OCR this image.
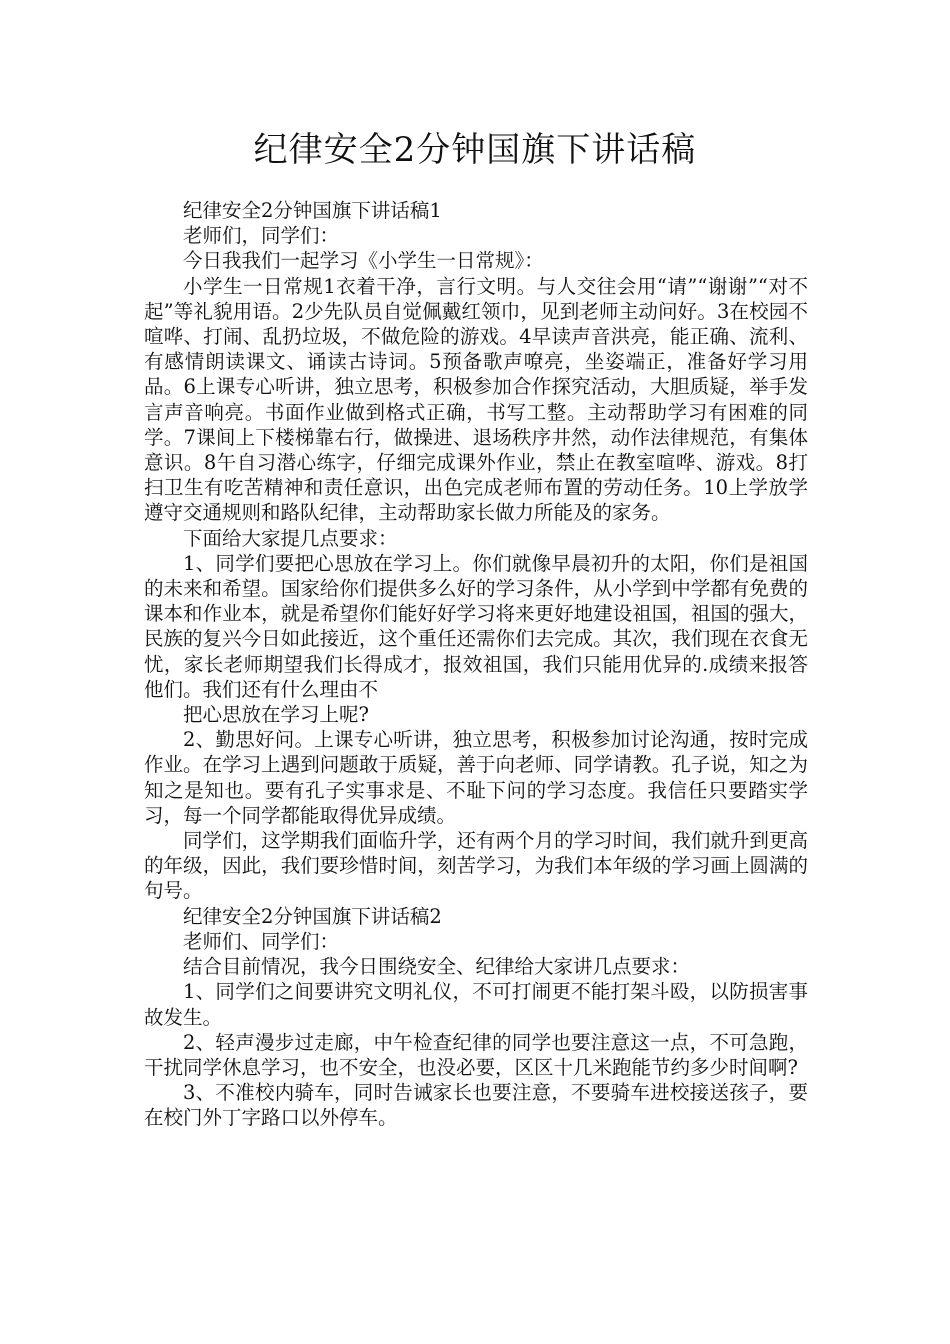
纪律安全2分钟国旗下讲话稿

纪律安全2分钟国旗下讲话稿1

老师们，同学们：

今日我我们一起学习《小学生一日常规》：

小学生一日常规1衣着干净，言行文明。与人交往会用“请”“谢谢”“对不起”等礼貌用语。2少先队员自觉佩戴红领巾，见到老师主动问好。3在校园不喧哗、打闹、乱扔垃圾，不做危险的游戏。4早读声音洪亮，能正确、流利、有感情朗读课文、诵读古诗词。5预备歌声嘹亮，坐姿端正，准备好学习用品。6上课专心听讲，独立思考，积极参加合作探究活动，大胆质疑，举手发言声音响亮。书面作业做到格式正确，书写工整。主动帮助学习有困难的同学。7课间上下楼梯靠右行，做操进、退场秩序井然，动作法律规范，有集体意识。8午自习潜心练字，仔细完成课外作业，禁止在教室喧哗、游戏。8打扫卫生有吃苦精神和责任意识，出色完成老师布置的劳动任务。10上学放学遵守交通规则和路队纪律，主动帮助家长做力所能及的家务。

下面给大家提几点要求：

1、同学们要把心思放在学习上。你们就像早晨初升的太阳，你们是祖国的未来和希望。国家给你们提供多么好的学习条件，从小学到中学都有免费的课本和作业本，就是希望你们能好好学习将来更好地建设祖国，祖国的强大，民族的复兴今日如此接近，这个重任还需你们去完成。其次，我们现在衣食无忧，家长老师期望我们长得成才，报效祖国，我们只能用优异的.成绩来报答他们。我们还有什么理由不

把心思放在学习上呢?

2、勤思好问。上课专心听讲，独立思考，积极参加讨论沟通，按时完成作业。在学习上遇到问题敢于质疑，善于向老师、同学请教。孔子说，知之为知之是知也。要有孔子实事求是、不耻下问的学习态度。我信任只要踏实学习，每一个同学都能取得优异成绩。

同学们，这学期我们面临升学，还有两个月的学习时间，我们就升到更高的年级，因此，我们要珍惜时间，刻苦学习，为我们本年级的学习画上圆满的句号。

纪律安全2分钟国旗下讲话稿2

老师们、同学们：

结合目前情况，我今日围绕安全、纪律给大家讲几点要求：

1、同学们之间要讲究文明礼仪，不可打闹更不能打架斗殴，以防损害事故发生。

2、轻声漫步过走廊，中午检查纪律的同学也要注意这一点，不可急跑，干扰同学休息学习，也不安全，也没必要，区区十几米跑能节约多少时间啊?

3、不准校内骑车，同时告诫家长也要注意，不要骑车进校接送孩子，要在校门外丁字路口以外停车。
